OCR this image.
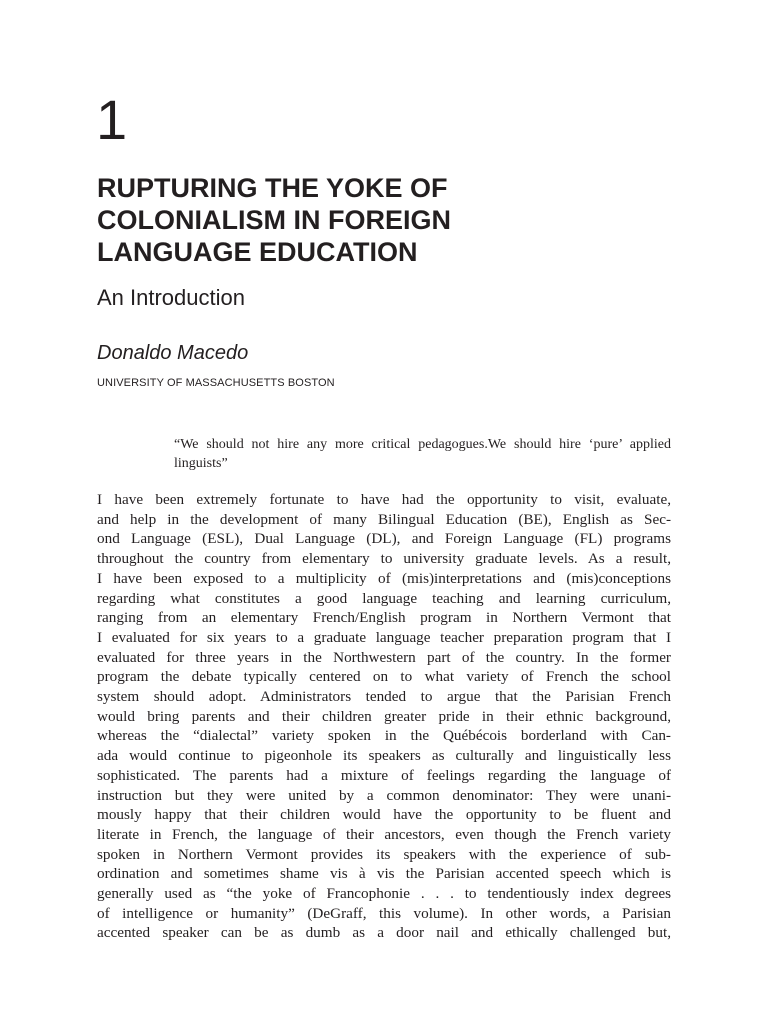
1
RUPTURING THE YOKE OF
COLONIALISM IN FOREIGN
LANGUAGE EDUCATION
An Introduction
Donaldo Macedo
UNIVERSITY OF MASSACHUSETTS BOSTON

“We should not hire any more critical pedagogues.We should hire ‘pure’ applied linguists”

I have been extremely fortunate to have had the opportunity to visit, evaluate,
and help in the development of many Bilingual Education (BE), English as Sec-
ond Language (ESL), Dual Language (DL), and Foreign Language (FL) programs
throughout the country from elementary to university graduate levels. As a result,
I have been exposed to a multiplicity of (mis)interpretations and (mis)conceptions
regarding what constitutes a good language teaching and learning curriculum,
ranging from an elementary French/English program in Northern Vermont that
I evaluated for six years to a graduate language teacher preparation program that I
evaluated for three years in the Northwestern part of the country. In the former
program the debate typically centered on to what variety of French the school
system should adopt. Administrators tended to argue that the Parisian French
would bring parents and their children greater pride in their ethnic background,
whereas the “dialectal” variety spoken in the Québécois borderland with Can-
ada would continue to pigeonhole its speakers as culturally and linguistically less
sophisticated. The parents had a mixture of feelings regarding the language of
instruction but they were united by a common denominator: They were unani-
mously happy that their children would have the opportunity to be fluent and
literate in French, the language of their ancestors, even though the French variety
spoken in Northern Vermont provides its speakers with the experience of sub-
ordination and sometimes shame vis à vis the Parisian accented speech which is
generally used as “the yoke of Francophonie . . . to tendentiously index degrees
of intelligence or humanity” (DeGraff, this volume). In other words, a Parisian
accented speaker can be as dumb as a door nail and ethically challenged but,
